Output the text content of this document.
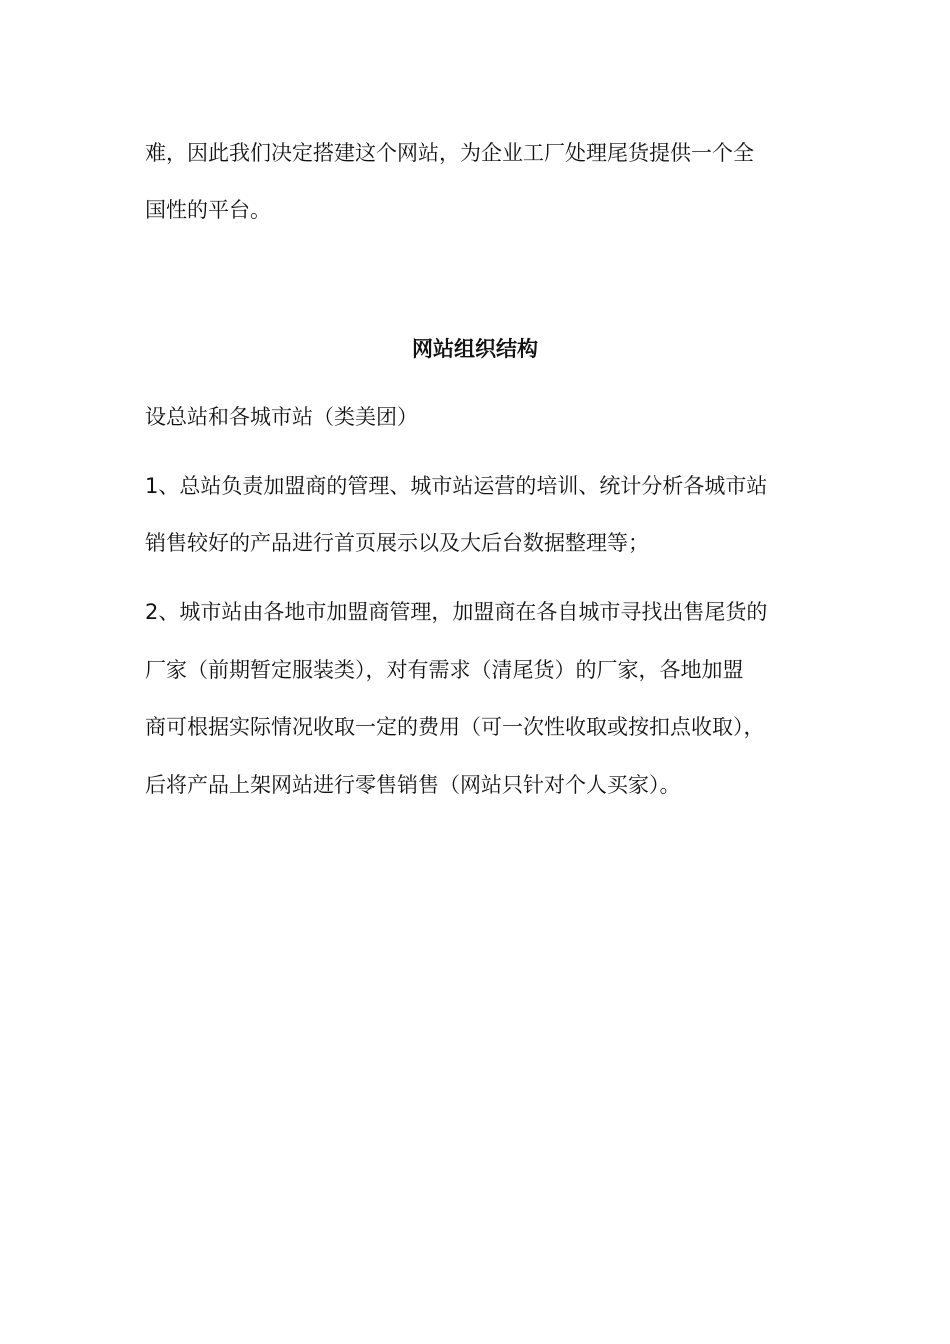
难，因此我们决定搭建这个网站，为企业工厂处理尾货提供一个全
国性的平台。
网站组织结构
设总站和各城市站（类美团）
1、总站负责加盟商的管理、城市站运营的培训、统计分析各城市站
销售较好的产品进行首页展示以及大后台数据整理等；
2、城市站由各地市加盟商管理，加盟商在各自城市寻找出售尾货的
厂家（前期暂定服装类），对有需求（清尾货）的厂家，各地加盟
商可根据实际情况收取一定的费用（可一次性收取或按扣点收取），
后将产品上架网站进行零售销售（网站只针对个人买家）。
